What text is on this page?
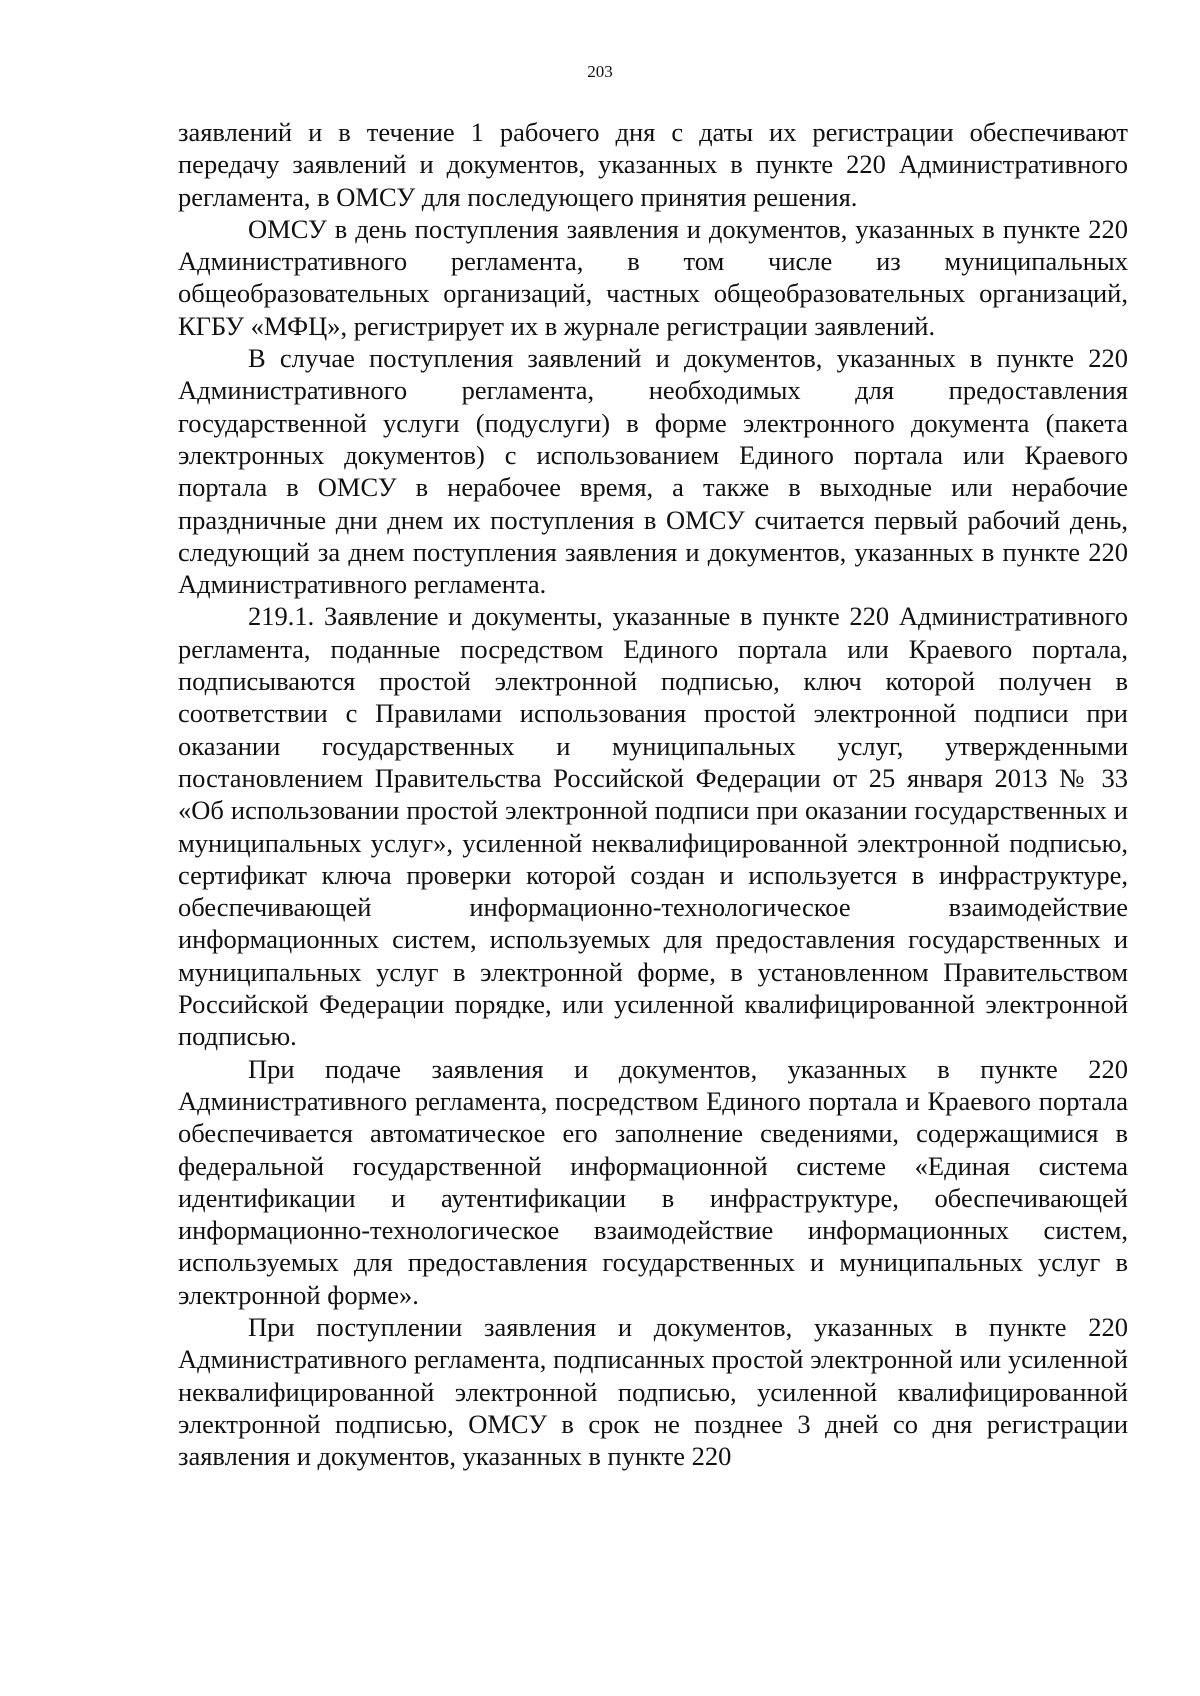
203

заявлений и в течение 1 рабочего дня с даты их регистрации обеспечивают передачу заявлений и документов, указанных в пункте 220 Административного регламента, в ОМСУ для последующего принятия решения.

ОМСУ в день поступления заявления и документов, указанных в пункте 220 Административного регламента, в том числе из муниципальных общеобразовательных организаций, частных общеобразовательных организаций, КГБУ «МФЦ», регистрирует их в журнале регистрации заявлений.

В случае поступления заявлений и документов, указанных в пункте 220 Административного регламента, необходимых для предоставления государственной услуги (подуслуги) в форме электронного документа (пакета электронных документов) с использованием Единого портала или Краевого портала в ОМСУ в нерабочее время, а также в выходные или нерабочие праздничные дни днем их поступления в ОМСУ считается первый рабочий день, следующий за днем поступления заявления и документов, указанных в пункте 220 Административного регламента.

219.1. Заявление и документы, указанные в пункте 220 Административного регламента, поданные посредством Единого портала или Краевого портала, подписываются простой электронной подписью, ключ которой получен в соответствии с Правилами использования простой электронной подписи при оказании государственных и муниципальных услуг, утвержденными постановлением Правительства Российской Федерации от 25 января 2013 № 33 «Об использовании простой электронной подписи при оказании государственных и муниципальных услуг», усиленной неквалифицированной электронной подписью, сертификат ключа проверки которой создан и используется в инфраструктуре, обеспечивающей информационно-технологическое взаимодействие информационных систем, используемых для предоставления государственных и муниципальных услуг в электронной форме, в установленном Правительством Российской Федерации порядке, или усиленной квалифицированной электронной подписью.

При подаче заявления и документов, указанных в пункте 220 Административного регламента, посредством Единого портала и Краевого портала обеспечивается автоматическое его заполнение сведениями, содержащимися в федеральной государственной информационной системе «Единая система идентификации и аутентификации в инфраструктуре, обеспечивающей информационно-технологическое взаимодействие информационных систем, используемых для предоставления государственных и муниципальных услуг в электронной форме».

При поступлении заявления и документов, указанных в пункте 220 Административного регламента, подписанных простой электронной или усиленной неквалифицированной электронной подписью, усиленной квалифицированной электронной подписью, ОМСУ в срок не позднее 3 дней со дня регистрации заявления и документов, указанных в пункте 220
